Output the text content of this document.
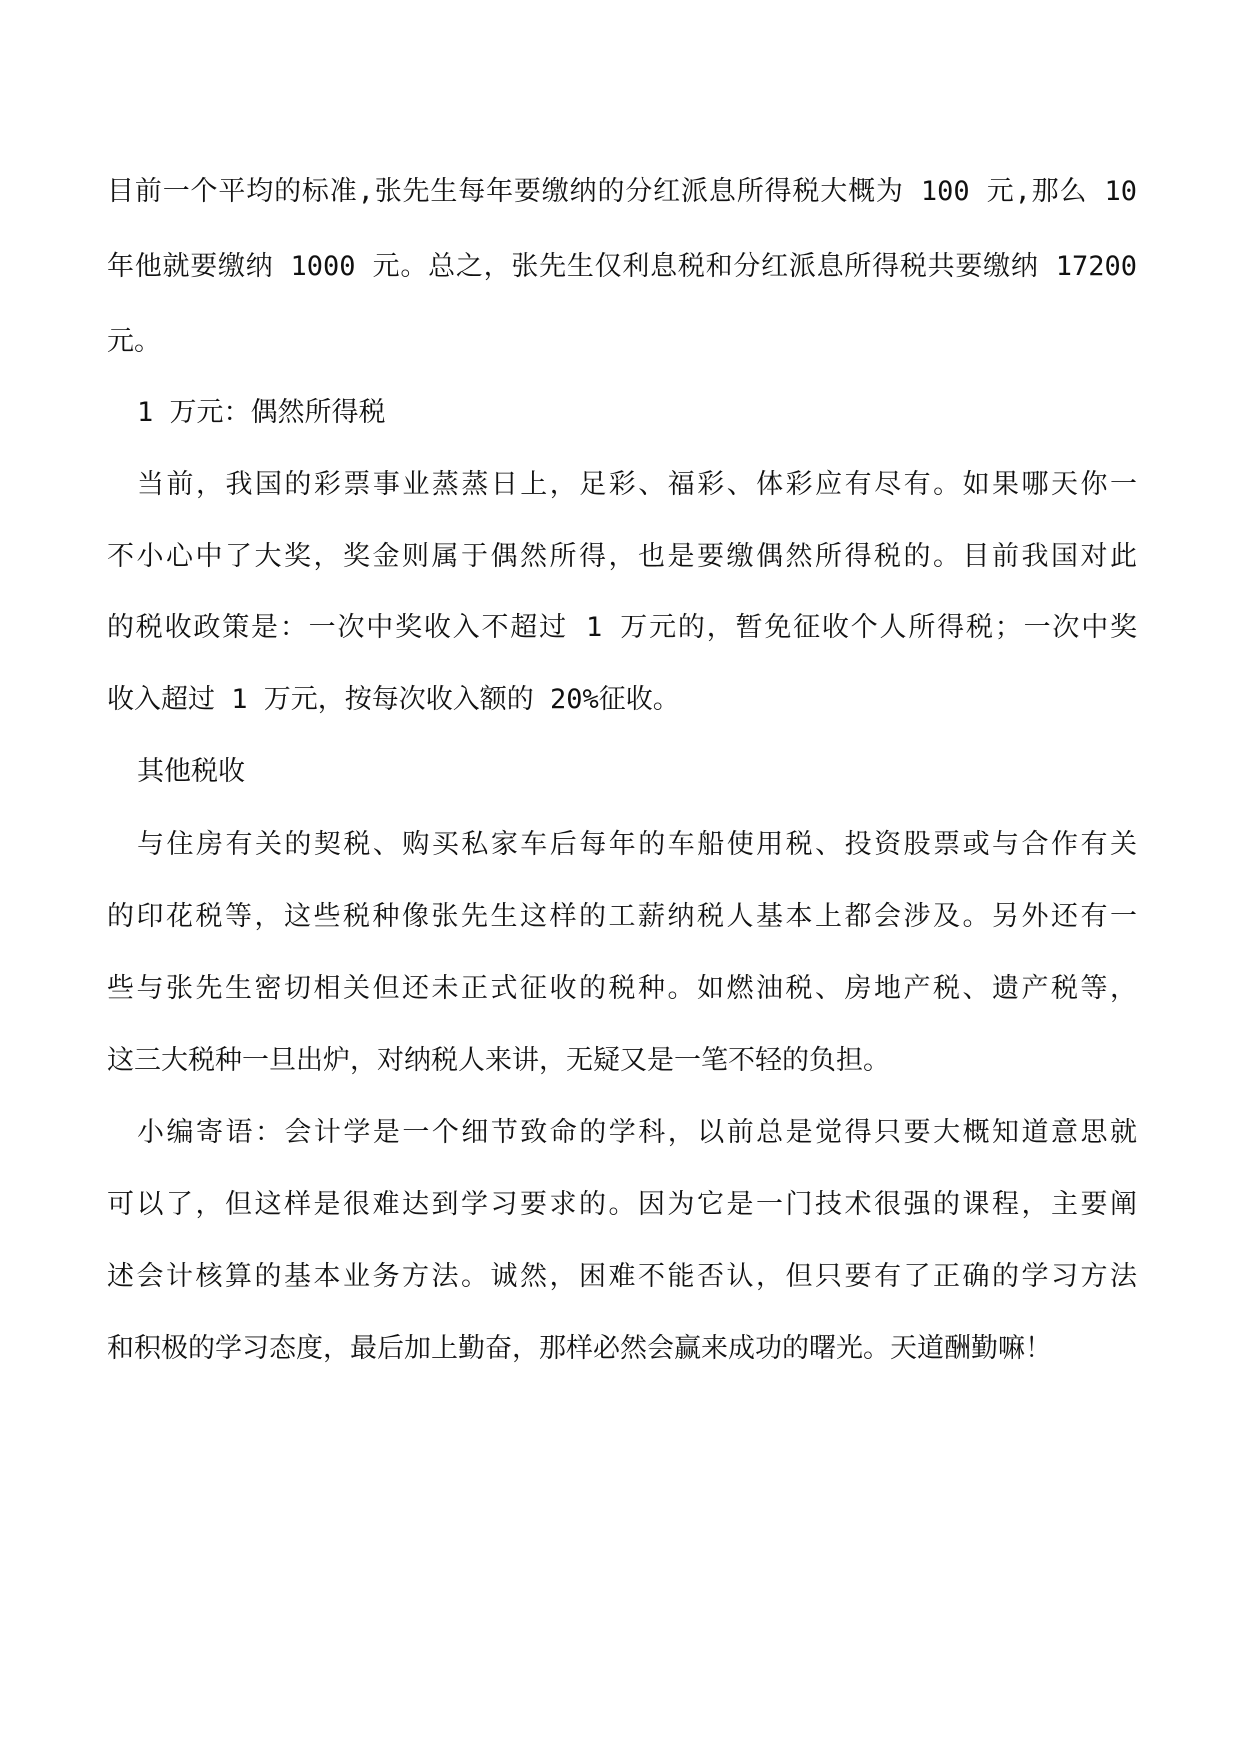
目前一个平均的标准,张先生每年要缴纳的分红派息所得税大概为 100 元,那么 10
年他就要缴纳 1000 元。总之，张先生仅利息税和分红派息所得税共要缴纳 17200
元。
1 万元：偶然所得税
当前，我国的彩票事业蒸蒸日上，足彩、福彩、体彩应有尽有。如果哪天你一
不小心中了大奖，奖金则属于偶然所得，也是要缴偶然所得税的。目前我国对此
的税收政策是：一次中奖收入不超过 1 万元的，暂免征收个人所得税；一次中奖
收入超过 1 万元，按每次收入额的 20%征收。
其他税收
与住房有关的契税、购买私家车后每年的车船使用税、投资股票或与合作有关
的印花税等，这些税种像张先生这样的工薪纳税人基本上都会涉及。另外还有一
些与张先生密切相关但还未正式征收的税种。如燃油税、房地产税、遗产税等，
这三大税种一旦出炉，对纳税人来讲，无疑又是一笔不轻的负担。
小编寄语：会计学是一个细节致命的学科，以前总是觉得只要大概知道意思就
可以了，但这样是很难达到学习要求的。因为它是一门技术很强的课程，主要阐
述会计核算的基本业务方法。诚然，困难不能否认，但只要有了正确的学习方法
和积极的学习态度，最后加上勤奋，那样必然会赢来成功的曙光。天道酬勤嘛！
